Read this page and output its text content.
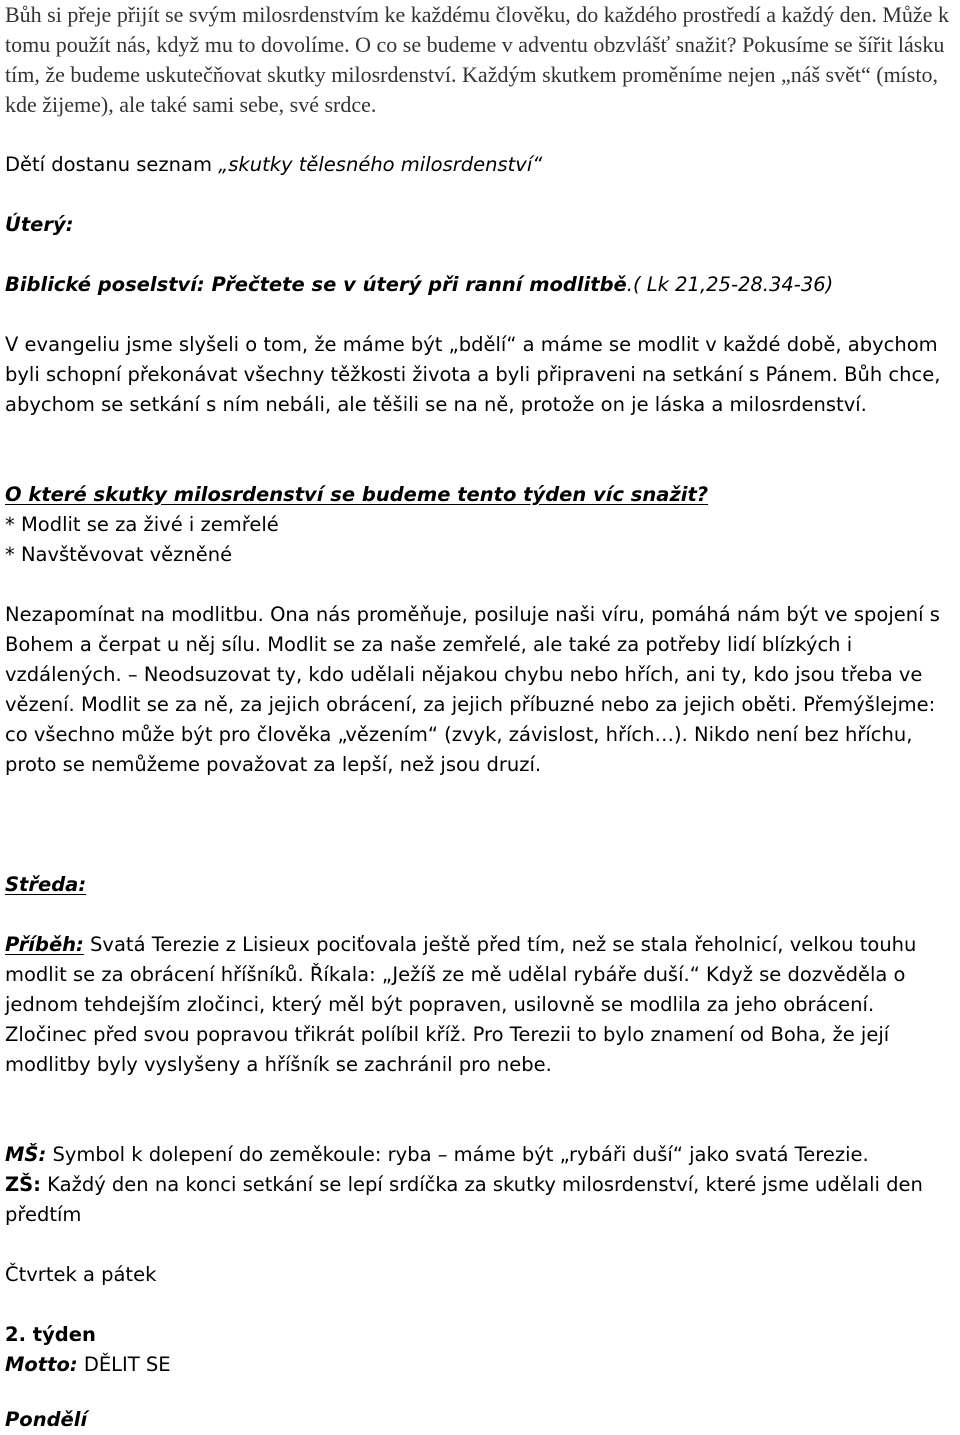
Bůh si přeje přijít se svým milosrdenstvím ke každému člověku, do každého prostředí a každý den. Může k tomu použít nás, když mu to dovolíme. O co se budeme v adventu obzvlášť snažit? Pokusíme se šířit lásku tím, že budeme uskutečňovat skutky milosrdenství. Každým skutkem proměníme nejen „náš svět“ (místo, kde žijeme), ale také sami sebe, své srdce.

Dětí dostanu seznam „skutky tělesného milosrdenství“
Úterý:
Biblické poselství: Přečtete se v úterý při ranní modlitbě.( Lk 21,25-28.34-36)

V evangeliu jsme slyšeli o tom, že máme být „bdělí“ a máme se modlit v každé době, abychom byli schopní překonávat všechny těžkosti života a byli připraveni na setkání s Pánem. Bůh chce, abychom se setkání s ním nebáli, ale těšili se na ně, protože on je láska a milosrdenství.

O které skutky milosrdenství se budeme tento týden víc snažit?
* Modlit se za živé i zemřelé
* Navštěvovat vězněné

Nezapomínat na modlitbu. Ona nás proměňuje, posiluje naši víru, pomáhá nám být ve spojení s Bohem a čerpat u něj sílu. Modlit se za naše zemřelé, ale také za potřeby lidí blízkých i vzdálených. – Neodsuzovat ty, kdo udělali nějakou chybu nebo hřích, ani ty, kdo jsou třeba ve vězení. Modlit se za ně, za jejich obrácení, za jejich příbuzné nebo za jejich oběti. Přemýšlejme: co všechno může být pro člověka „vězením“ (zvyk, závislost, hřích…). Nikdo není bez hříchu, proto se nemůžeme považovat za lepší, než jsou druzí.

Středa:

Příběh: Svatá Terezie z Lisieux pociťovala ještě před tím, než se stala řeholnicí, velkou touhu modlit se za obrácení hříšníků. Říkala: „Ježíš ze mě udělal rybáře duší.“ Když se dozvěděla o jednom tehdejším zločinci, který měl být popraven, usilovně se modlila za jeho obrácení. Zločinec před svou popravou třikrát políbil kříž. Pro Terezii to bylo znamení od Boha, že její modlitby byly vyslyšeny a hříšník se zachránil pro nebe.

MŠ: Symbol k dolepení do zeměkoule: ryba – máme být „rybáři duší“ jako svatá Terezie.

ZŠ: Každý den na konci setkání se lepí srdíčka za skutky milosrdenství, které jsme udělali den předtím

Čtvrtek a pátek
2. týden
Motto: DĚLIT SE
Pondělí
